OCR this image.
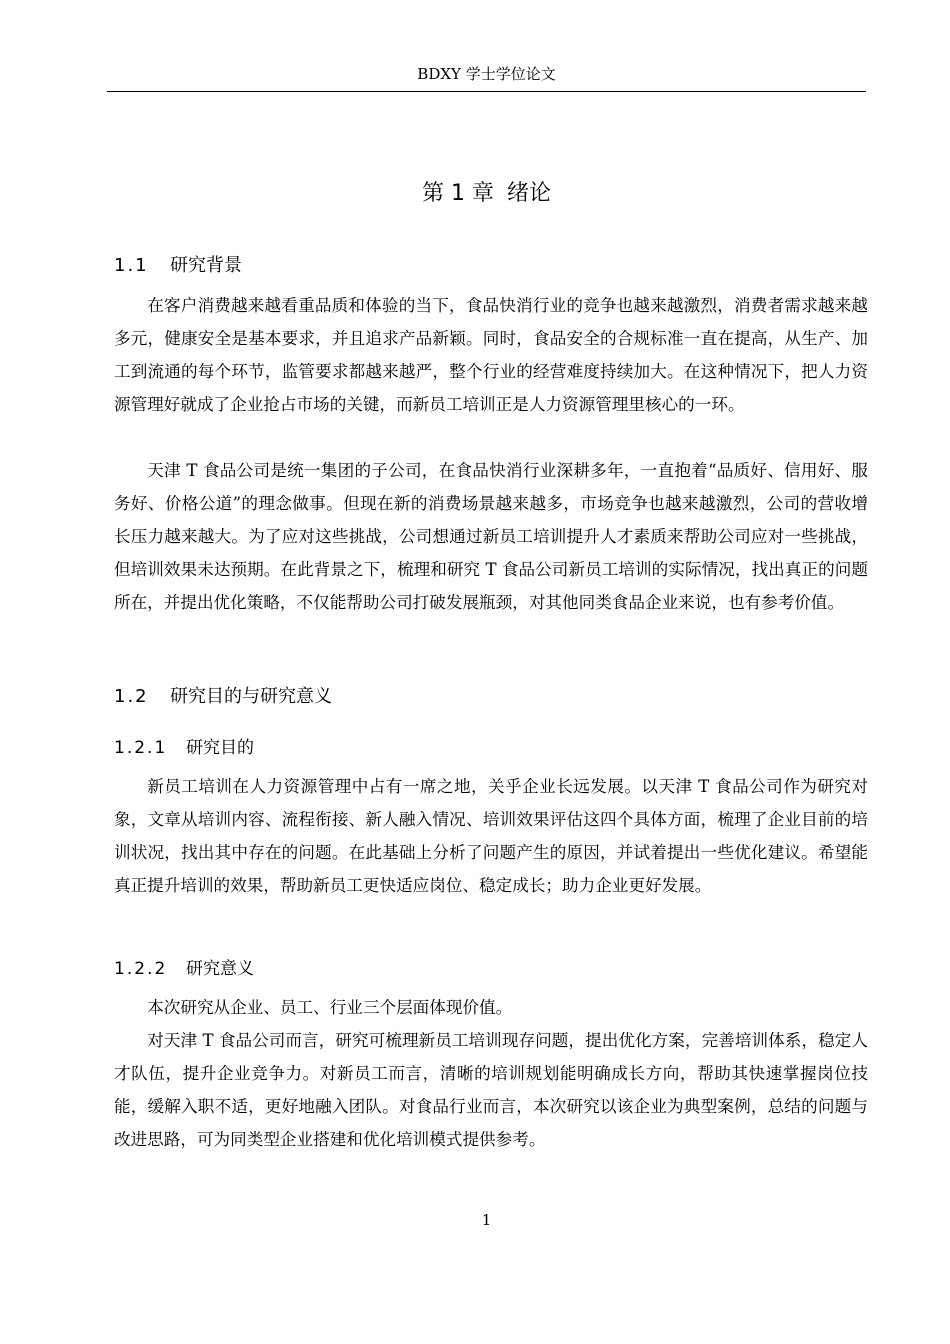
BDXY 学士学位论文
第 1 章 绪论
1.1 研究背景

在客户消费越来越看重品质和体验的当下，食品快消行业的竞争也越来越激烈，消费者需求越来越多元，健康安全是基本要求，并且追求产品新颖。同时，食品安全的合规标准一直在提高，从生产、加工到流通的每个环节，监管要求都越来越严，整个行业的经营难度持续加大。在这种情况下，把人力资源管理好就成了企业抢占市场的关键，而新员工培训正是人力资源管理里核心的一环。

天津 T 食品公司是统一集团的子公司，在食品快消行业深耕多年，一直抱着“品质好、信用好、服务好、价格公道”的理念做事。但现在新的消费场景越来越多，市场竞争也越来越激烈，公司的营收增长压力越来越大。为了应对这些挑战，公司想通过新员工培训提升人才素质来帮助公司应对一些挑战，但培训效果未达预期。在此背景之下，梳理和研究 T 食品公司新员工培训的实际情况，找出真正的问题所在，并提出优化策略，不仅能帮助公司打破发展瓶颈，对其他同类食品企业来说，也有参考价值。

1.2 研究目的与研究意义
1.2.1 研究目的

新员工培训在人力资源管理中占有一席之地，关乎企业长远发展。以天津 T 食品公司作为研究对象，文章从培训内容、流程衔接、新人融入情况、培训效果评估这四个具体方面，梳理了企业目前的培训状况，找出其中存在的问题。在此基础上分析了问题产生的原因，并试着提出一些优化建议。希望能真正提升培训的效果，帮助新员工更快适应岗位、稳定成长；助力企业更好发展。

1.2.2 研究意义

本次研究从企业、员工、行业三个层面体现价值。

对天津 T 食品公司而言，研究可梳理新员工培训现存问题，提出优化方案，完善培训体系，稳定人才队伍，提升企业竞争力。对新员工而言，清晰的培训规划能明确成长方向，帮助其快速掌握岗位技能，缓解入职不适，更好地融入团队。对食品行业而言，本次研究以该企业为典型案例，总结的问题与改进思路，可为同类型企业搭建和优化培训模式提供参考。

1
